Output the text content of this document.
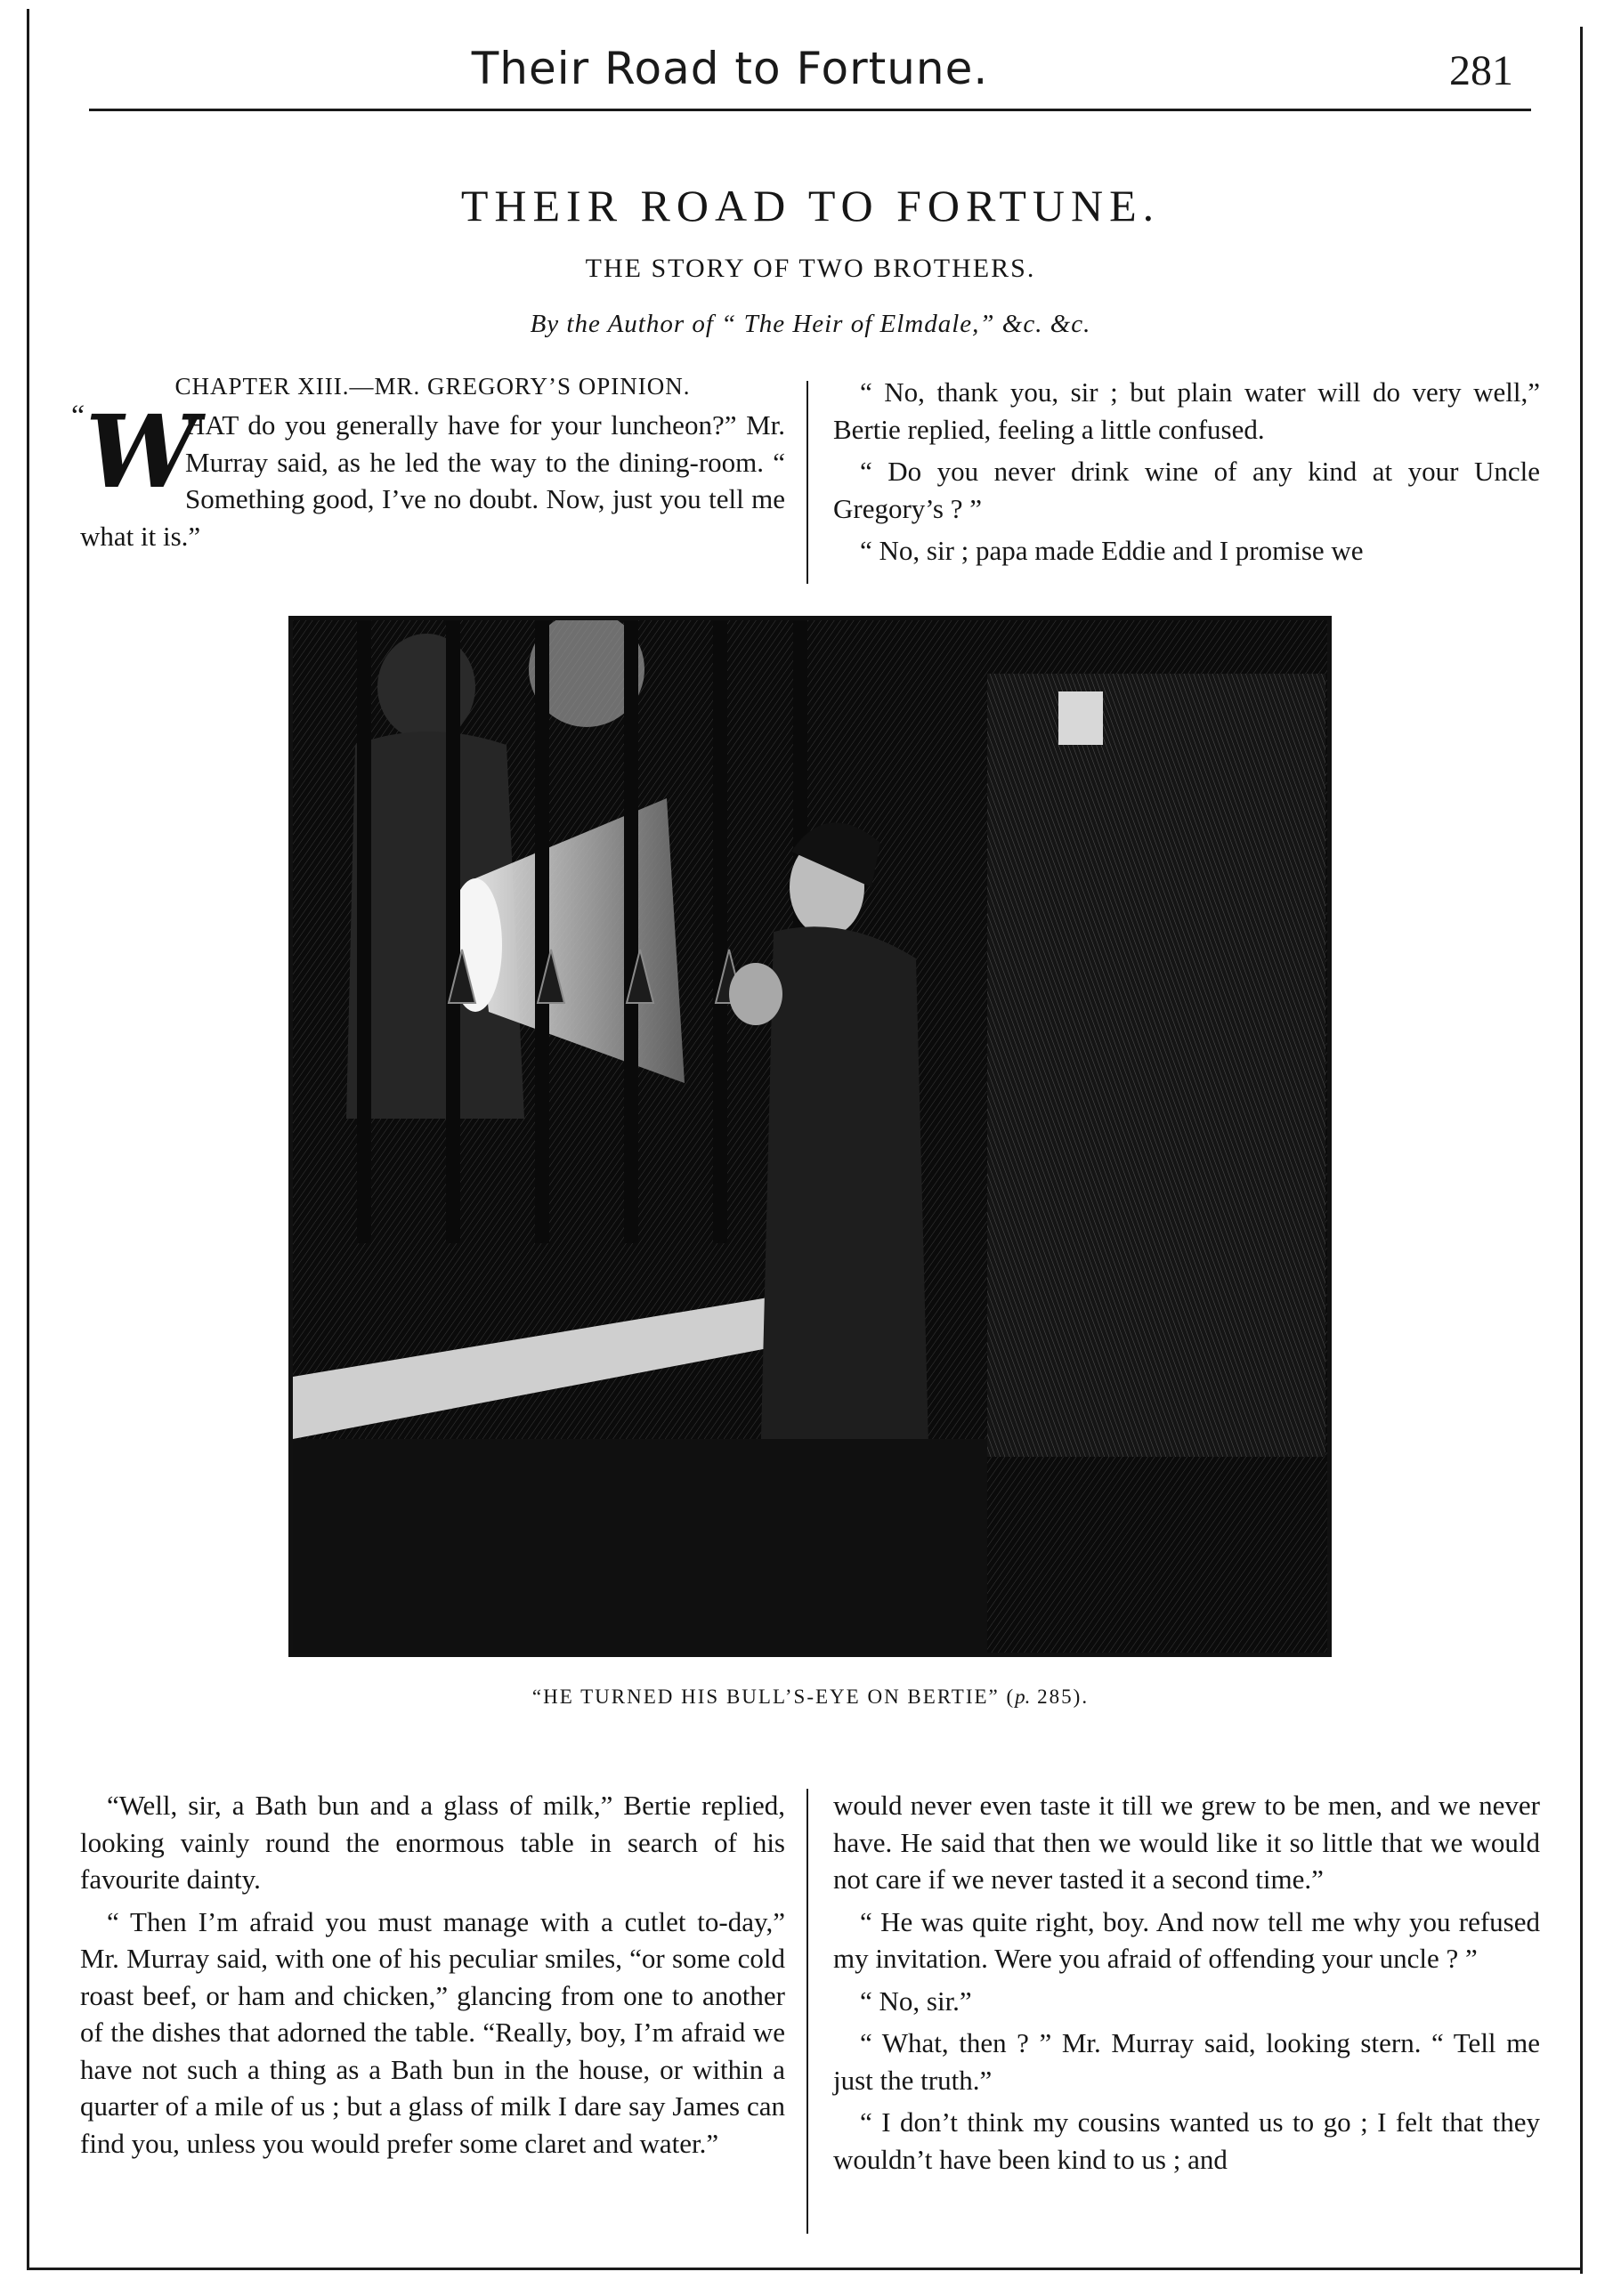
Their Road to Fortune.	281
THEIR ROAD TO FORTUNE.
THE STORY OF TWO BROTHERS.
By the Author of “ The Heir of Elmdale,” &c. &c.
CHAPTER XIII.—MR. GREGORY’S OPINION.
“ W

HAT do you generally have for your luncheon?” Mr. Murray said, as he led the way to the dining-room. “ Something good, I’ve no doubt. Now, just you tell me what it is.”

“ No, thank you, sir ; but plain water will do very well,” Bertie replied, feeling a little confused.

“ Do you never drink wine of any kind at your Uncle Gregory’s ? ”

“ No, sir ; papa made Eddie and I promise we

“HE TURNED HIS BULL’S-EYE ON BERTIE” (p. 285).

“Well, sir, a Bath bun and a glass of milk,” Bertie replied, looking vainly round the enormous table in search of his favourite dainty.

“ Then I’m afraid you must manage with a cutlet to-day,” Mr. Murray said, with one of his peculiar smiles, “or some cold roast beef, or ham and chicken,” glancing from one to another of the dishes that adorned the table. “Really, boy, I’m afraid we have not such a thing as a Bath bun in the house, or within a quarter of a mile of us ; but a glass of milk I dare say James can find you, unless you would prefer some claret and water.”

would never even taste it till we grew to be men, and we never have. He said that then we would like it so little that we would not care if we never tasted it a second time.”

“ He was quite right, boy. And now tell me why you refused my invitation. Were you afraid of offending your uncle ? ”

“ No, sir.”

“ What, then ? ” Mr. Murray said, looking stern. “ Tell me just the truth.”

“ I don’t think my cousins wanted us to go ; I felt that they wouldn’t have been kind to us ; and
